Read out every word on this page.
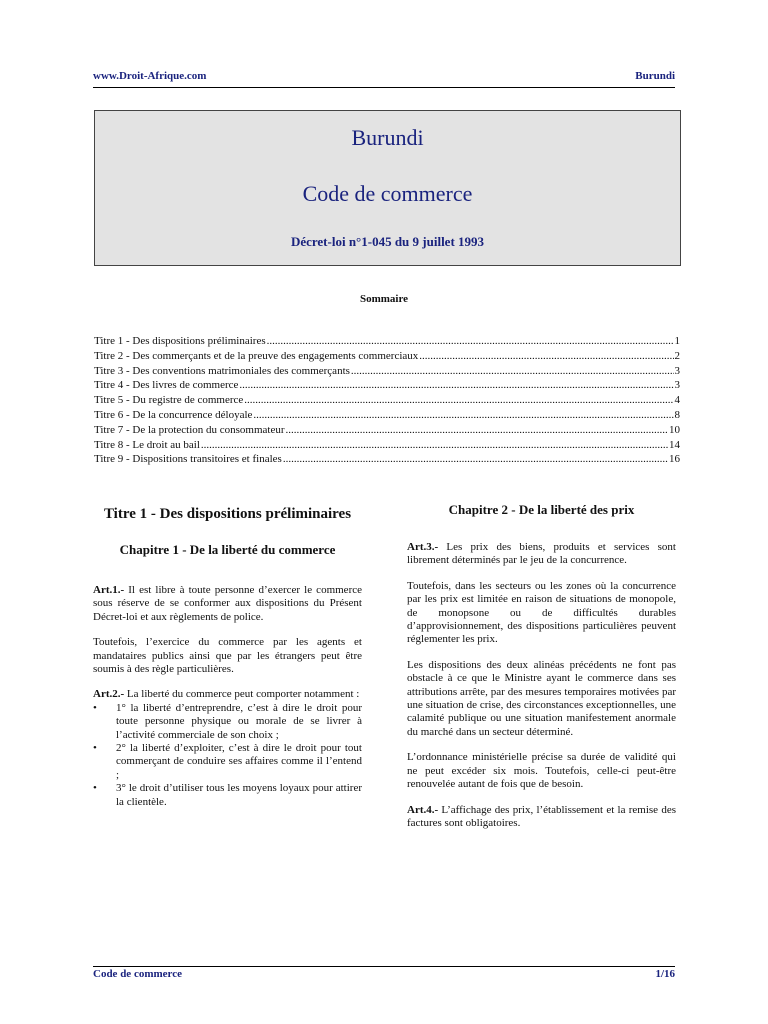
www.Droit-Afrique.com	Burundi
Burundi
Code de commerce
Décret-loi n°1-045 du 9 juillet 1993
Sommaire
Titre 1 - Des dispositions préliminaires .....	1
Titre 2 - Des commerçants et de la preuve des engagements commerciaux .....	2
Titre 3 - Des conventions matrimoniales des commerçants .....	3
Titre 4 - Des livres de commerce .....	3
Titre 5 - Du registre de commerce .....	4
Titre 6 - De la concurrence déloyale .....	8
Titre 7 - De la protection du consommateur .....	10
Titre 8 - Le droit au bail .....	14
Titre 9 - Dispositions transitoires et finales .....	16
Titre 1 - Des dispositions préliminaires
Chapitre 1 - De la liberté du commerce

Art.1.- Il est libre à toute personne d’exercer le commerce sous réserve de se conformer aux dispositions du Présent Décret-loi et aux règlements de police.

Toutefois, l’exercice du commerce par les agents et mandataires publics ainsi que par les étrangers peut être soumis à des règle particulières.

Art.2.- La liberté du commerce peut comporter notamment :

• 1° la liberté d’entreprendre, c’est à dire le droit pour toute personne physique ou morale de se livrer à l’activité commerciale de son choix ;
• 2° la liberté d’exploiter, c’est à dire le droit pour tout commerçant de conduire ses affaires comme il l’entend ;
• 3° le droit d’utiliser tous les moyens loyaux pour attirer la clientèle.
Chapitre 2 - De la liberté des prix

Art.3.- Les prix des biens, produits et services sont librement déterminés par le jeu de la concurrence.

Toutefois, dans les secteurs ou les zones où la concurrence par les prix est limitée en raison de situations de monopole, de monopsone ou de difficultés durables d’approvisionnement, des dispositions particulières peuvent réglementer les prix.

Les dispositions des deux alinéas précédents ne font pas obstacle à ce que le Ministre ayant le commerce dans ses attributions arrête, par des mesures temporaires motivées par une situation de crise, des circonstances exceptionnelles, une calamité publique ou une situation manifestement anormale du marché dans un secteur déterminé.

L’ordonnance ministérielle précise sa durée de validité qui ne peut excéder six mois. Toutefois, celle-ci peut-être renouvelée autant de fois que de besoin.

Art.4.- L’affichage des prix, l’établissement et la remise des factures sont obligatoires.

Code de commerce	1/16
